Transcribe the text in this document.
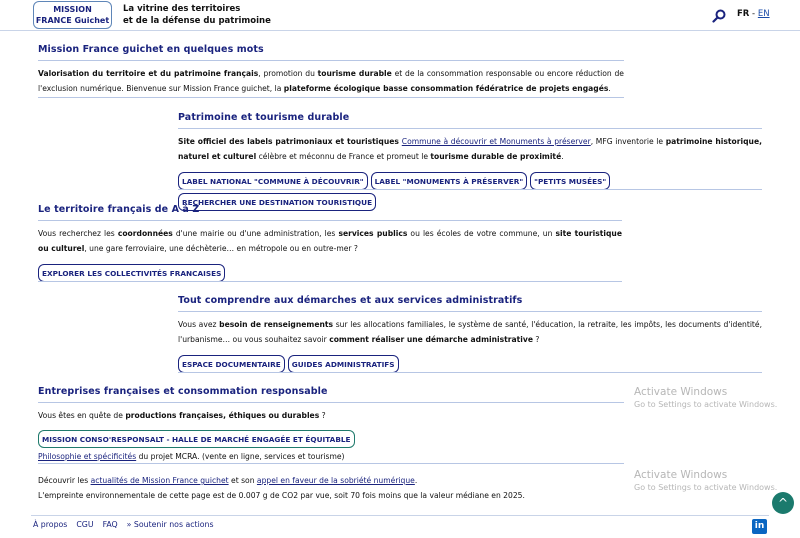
MISSION
FRANCE Guichet
La vitrine des territoires
et de la défense du patrimoine
FR - EN
Mission France guichet en quelques mots

Valorisation du territoire et du patrimoine français, promotion du tourisme durable et de la consommation responsable ou encore réduction de l'exclusion numérique. Bienvenue sur Mission France guichet, la plateforme écologique basse consommation fédératrice de projets engagés.

Patrimoine et tourisme durable

Site officiel des labels patrimoniaux et touristiques Commune à découvrir et Monuments à préserver, MFG inventorie le patrimoine historique, naturel et culturel célèbre et méconnu de France et promeut le tourisme durable de proximité.

LABEL NATIONAL "COMMUNE À DÉCOUVRIR" LABEL "MONUMENTS À PRÉSERVER" "PETITS MUSÉES"RECHERCHER UNE DESTINATION TOURISTIQUE
Le territoire français de A à Z

Vous recherchez les coordonnées d'une mairie ou d'une administration, les services publics ou les écoles de votre commune, un site touristique ou culturel, une gare ferroviaire, une déchèterie… en métropole ou en outre-mer ?

EXPLORER LES COLLECTIVITÉS FRANCAISES
Tout comprendre aux démarches et aux services administratifs

Vous avez besoin de renseignements sur les allocations familiales, le système de santé, l'éducation, la retraite, les impôts, les documents d'identité, l'urbanisme… ou vous souhaitez savoir comment réaliser une démarche administrative ?

ESPACE DOCUMENTAIRE GUIDES ADMINISTRATIFS
Entreprises françaises et consommation responsable

Vous êtes en quête de productions françaises, éthiques ou durables ?

MISSION CONSO'RESPONSALT - HALLE DE MARCHÉ ENGAGÉE ET ÉQUITABLE

Philosophie et spécificités du projet MCRA. (vente en ligne, services et tourisme)

Découvrir les actualités de Mission France guichet et son appel en faveur de la sobriété numérique.

L'empreinte environnementale de cette page est de 0.007 g de CO2 par vue, soit 70 fois moins que la valeur médiane en 2025.

Activate Windows
Go to Settings to activate Windows.
Activate Windows
Go to Settings to activate Windows.
^
À propos CGU FAQ » Soutenir nos actions	in
